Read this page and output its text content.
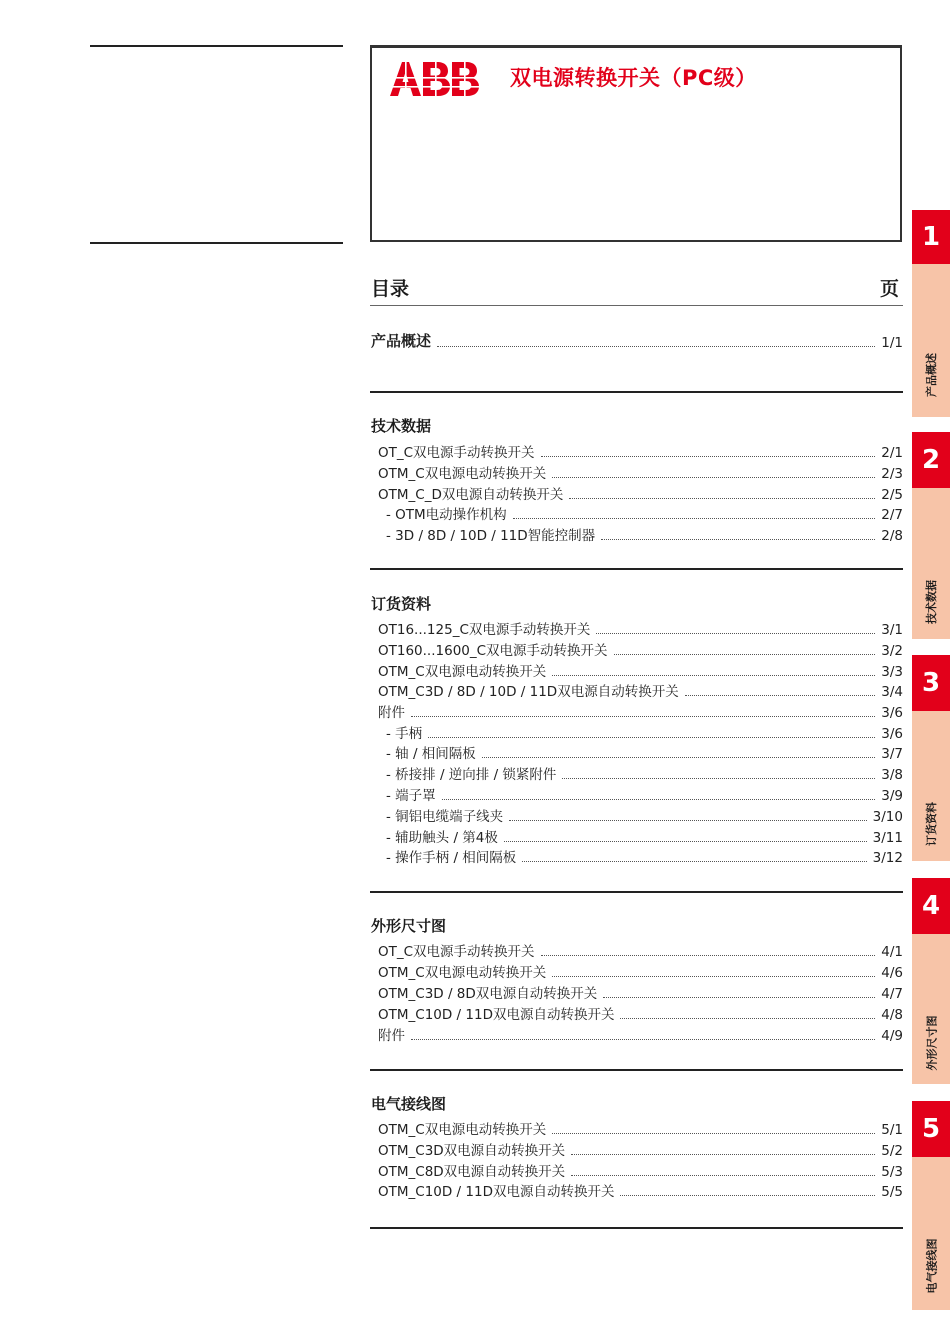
双电源转换开关（PC级）
目录	页
产品概述	1/1
技术数据
OT_C双电源手动转换开关	2/1
OTM_C双电源电动转换开关	2/3
OTM_C_D双电源自动转换开关	2/5
- OTM电动操作机构	2/7
- 3D / 8D / 10D / 11D智能控制器	2/8
订货资料
OT16...125_C双电源手动转换开关	3/1
OT160...1600_C双电源手动转换开关	3/2
OTM_C双电源电动转换开关	3/3
OTM_C3D / 8D / 10D / 11D双电源自动转换开关	3/4
附件	3/6
- 手柄	3/6
- 轴 / 相间隔板	3/7
- 桥接排 / 逆向排 / 锁紧附件	3/8
- 端子罩	3/9
- 铜铝电缆端子线夹	3/10
- 辅助触头 / 第4极	3/11
- 操作手柄 / 相间隔板	3/12
外形尺寸图
OT_C双电源手动转换开关	4/1
OTM_C双电源电动转换开关	4/6
OTM_C3D / 8D双电源自动转换开关	4/7
OTM_C10D / 11D双电源自动转换开关	4/8
附件	4/9
电气接线图
OTM_C双电源电动转换开关	5/1
OTM_C3D双电源自动转换开关	5/2
OTM_C8D双电源自动转换开关	5/3
OTM_C10D / 11D双电源自动转换开关	5/5
1
产品概述
2
技术数据
3
订货资料
4
外形尺寸图
5
电气接线图
